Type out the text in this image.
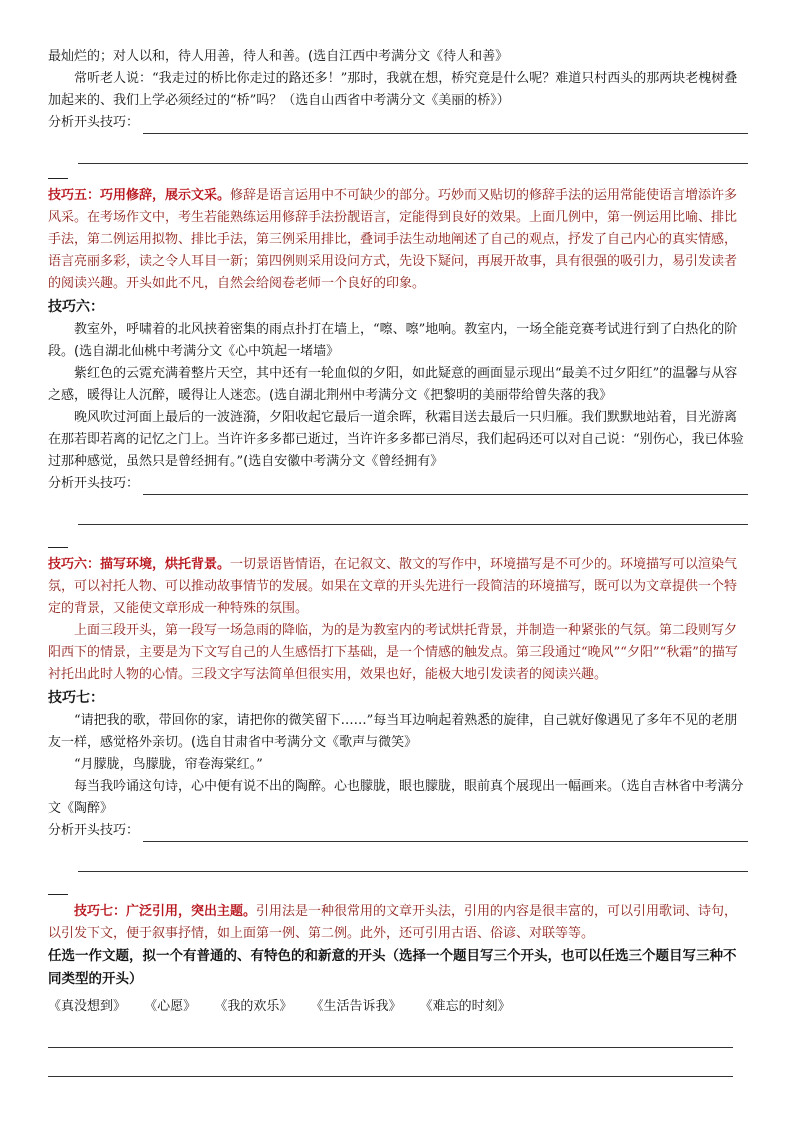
最灿烂的；对人以和，待人用善，待人和善。(选自江西中考满分文《待人和善》

常听老人说：“我走过的桥比你走过的路还多！”那时，我就在想，桥究竟是什么呢？难道只村西头的那两块老槐树叠加起来的、我们上学必须经过的“桥”吗？（选自山西省中考满分文《美丽的桥》）

分析开头技巧：

技巧五：巧用修辞，展示文采。修辞是语言运用中不可缺少的部分。巧妙而又贴切的修辞手法的运用常能使语言增添许多风采。在考场作文中，考生若能熟练运用修辞手法扮靓语言，定能得到良好的效果。上面几例中，第一例运用比喻、排比手法，第二例运用拟物、排比手法，第三例采用排比，叠词手法生动地阐述了自己的观点，抒发了自己内心的真实情感，语言亮丽多彩，读之令人耳目一新；第四例则采用设问方式，先设下疑问，再展开故事，具有很强的吸引力，易引发读者的阅读兴趣。开头如此不凡，自然会给阅卷老师一个良好的印象。

技巧六：

教室外，呼啸着的北风挟着密集的雨点扑打在墙上，“嚓、嚓”地响。教室内，一场全能竞赛考试进行到了白热化的阶段。(选自湖北仙桃中考满分文《心中筑起一堵墙》

紫红色的云霓充满着整片天空，其中还有一轮血似的夕阳，如此疑意的画面显示现出“最美不过夕阳红”的温馨与从容之感，暖得让人沉醉，暖得让人迷恋。(选自湖北荆州中考满分文《把黎明的美丽带给曾失落的我》

晚风吹过河面上最后的一波涟漪，夕阳收起它最后一道余晖，秋霜目送去最后一只归雁。我们默默地站着，目光游离在那若即若离的记忆之门上。当许许多多都已逝过，当许许多多都已消尽，我们起码还可以对自己说：“别伤心，我已体验过那种感觉，虽然只是曾经拥有。”(选自安徽中考满分文《曾经拥有》

分析开头技巧：

技巧六：描写环境，烘托背景。一切景语皆情语，在记叙文、散文的写作中，环境描写是不可少的。环境描写可以渲染气氛，可以衬托人物、可以推动故事情节的发展。如果在文章的开头先进行一段简洁的环境描写，既可以为文章提供一个特定的背景，又能使文章形成一种特殊的氛围。

上面三段开头，第一段写一场急雨的降临，为的是为教室内的考试烘托背景，并制造一种紧张的气氛。第二段则写夕阳西下的情景，主要是为下文写自己的人生感悟打下基础，是一个情感的触发点。第三段通过“晚风”“夕阳”“秋霜”的描写衬托出此时人物的心情。三段文字写法简单但很实用，效果也好，能极大地引发读者的阅读兴趣。

技巧七：

“请把我的歌，带回你的家，请把你的微笑留下……”每当耳边响起着熟悉的旋律，自己就好像遇见了多年不见的老朋友一样，感觉格外亲切。(选自甘肃省中考满分文《歌声与微笑》

“月朦胧，鸟朦胧，帘卷海棠红。”

每当我吟诵这句诗，心中便有说不出的陶醉。心也朦胧，眼也朦胧，眼前真个展现出一幅画来。（选自吉林省中考满分文《陶醉》

分析开头技巧：

技巧七：广泛引用，突出主题。引用法是一种很常用的文章开头法，引用的内容是很丰富的，可以引用歌词、诗句，以引发下文，便于叙事抒情，如上面第一例、第二例。此外，还可引用古语、俗谚、对联等等。

任选一作文题，拟一个有普通的、有特色的和新意的开头（选择一个题目写三个开头，也可以任选三个题目写三种不同类型的开头）

《真没想到》 《心愿》 《我的欢乐》 《生活告诉我》 《难忘的时刻》
